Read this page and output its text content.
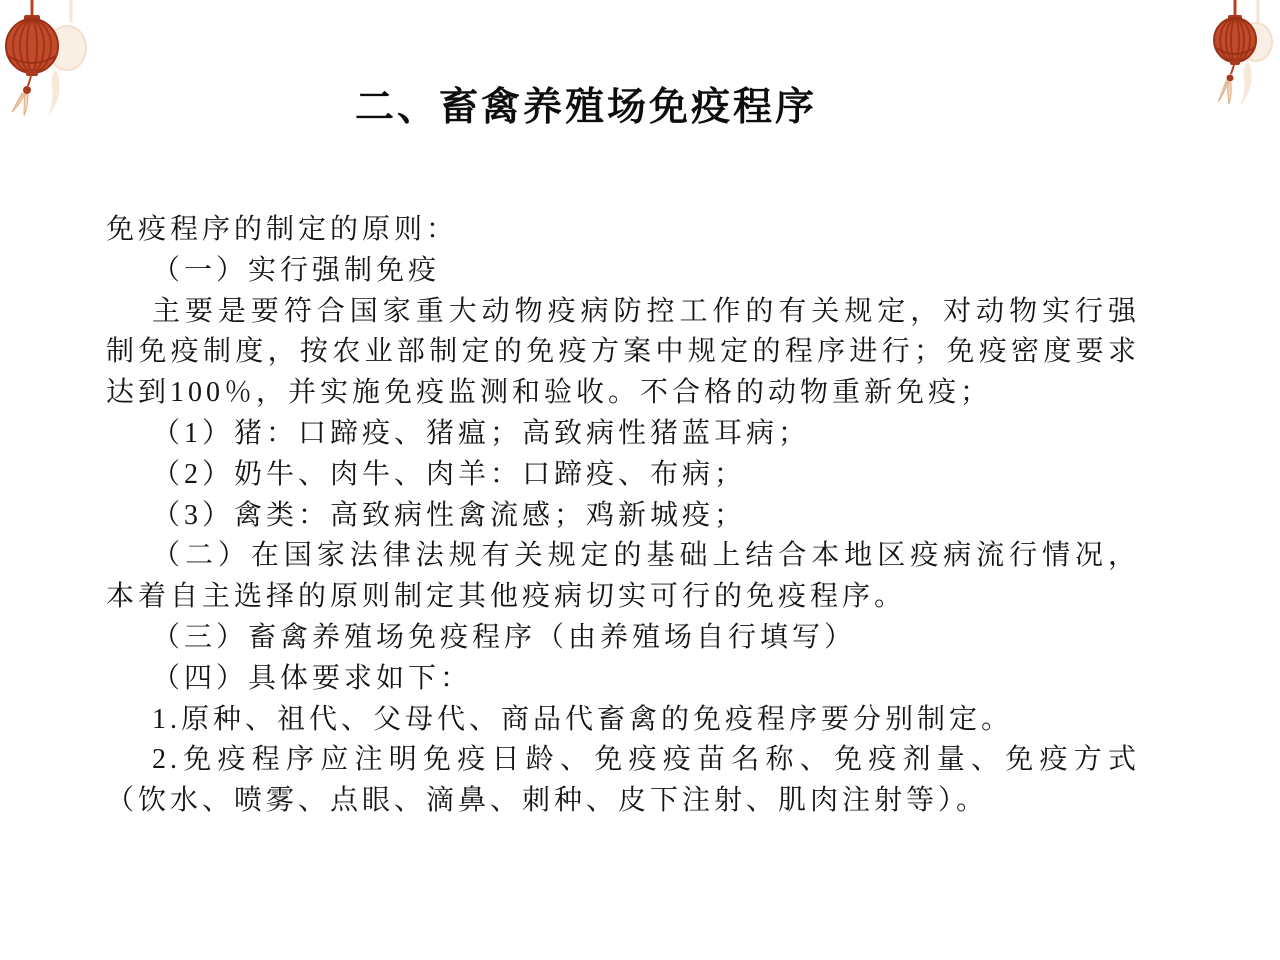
二、畜禽养殖场免疫程序
免疫程序的制定的原则：
（一）实行强制免疫
主要是要符合国家重大动物疫病防控工作的有关规定，对动物实行强
制免疫制度，按农业部制定的免疫方案中规定的程序进行；免疫密度要求
达到100％，并实施免疫监测和验收。不合格的动物重新免疫；
（1）猪：口蹄疫、猪瘟；高致病性猪蓝耳病；
（2）奶牛、肉牛、肉羊：口蹄疫、布病；
（3）禽类：高致病性禽流感；鸡新城疫；
（二）在国家法律法规有关规定的基础上结合本地区疫病流行情况，
本着自主选择的原则制定其他疫病切实可行的免疫程序。
（三）畜禽养殖场免疫程序（由养殖场自行填写）
（四）具体要求如下：
1.原种、祖代、父母代、商品代畜禽的免疫程序要分别制定。
2.免疫程序应注明免疫日龄、免疫疫苗名称、免疫剂量、免疫方式
（饮水、喷雾、点眼、滴鼻、刺种、皮下注射、肌肉注射等）。
